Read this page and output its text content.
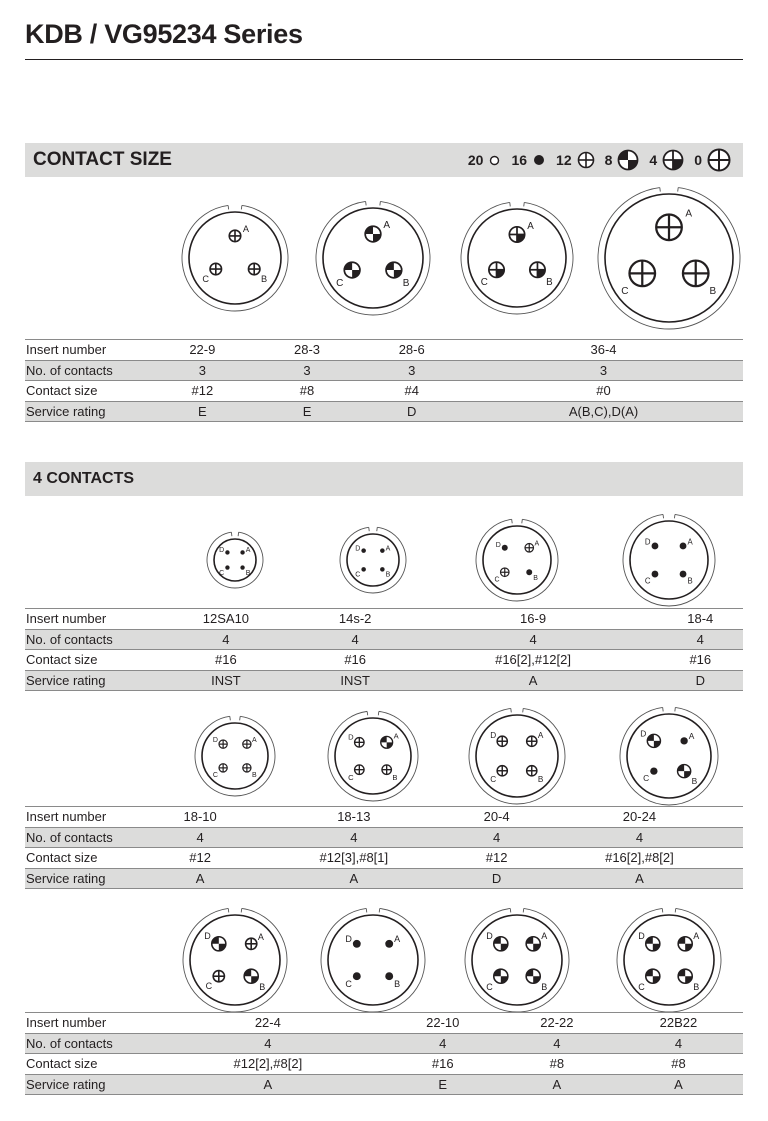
KDB / VG95234 Series
CONTACT SIZE	20 16 12 8	4	0
4 CONTACTS
A
B
C
A
B
C
A
B
C
A
B
C
A
B
C
D	A
B
C
D
A
B
C
D	A
B
C
D
A
B
C
D
A
B
C
D	A
B
C
D	A
B
C
D
A
B
C
D	A
B
C
D	A
B
C
D	A
B
C
D
Insert number	22-9	28-3	28-6	36-4
No. of contacts	3	3	3	3
Contact size	#12	#8	#4	#0
Service rating	E	E	D	A(B,C),D(A)
Insert number	12SA10	14s-2	16-9	18-4
No. of contacts	4	4	4	4
Contact size	#16	#16	#16[2],#12[2]	#16
Service rating	INST	INST	A	D
Insert number	18-10	18-13	20-4	20-24
No. of contacts	4	4	4	4
Contact size	#12	#12[3],#8[1]	#12	#16[2],#8[2]
Service rating	A	A	D	A
Insert number	22-4	22-10	22-22	22B22
No. of contacts	4	4	4	4
Contact size	#12[2],#8[2]	#16	#8	#8
Service rating	A	E	A	A
